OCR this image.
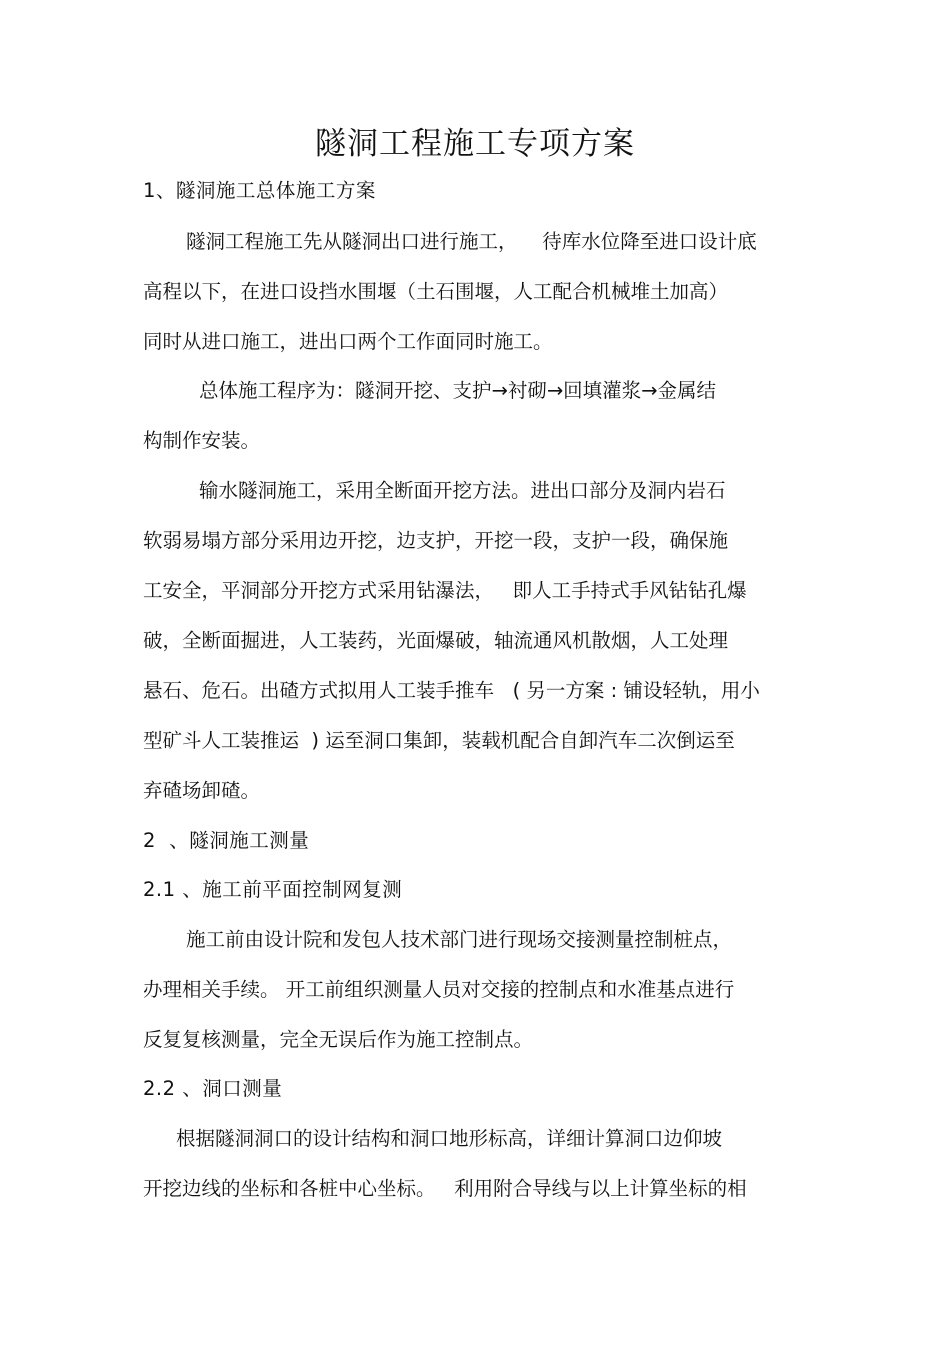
隧洞工程施工专项方案
1、隧洞施工总体施工方案
隧洞工程施工先从隧洞出口进行施工，    待库水位降至进口设计底
高程以下，在进口设挡水围堰（土石围堰，人工配合机械堆土加高）
同时从进口施工，进出口两个工作面同时施工。
总体施工程序为：隧洞开挖、支护→衬砌→回填灌浆→金属结
构制作安装。
输水隧洞施工，采用全断面开挖方法。进出口部分及洞内岩石
软弱易塌方部分采用边开挖，边支护，开挖一段，支护一段，确保施
工安全，平洞部分开挖方式采用钻瀑法，   即人工手持式手风钻钻孔爆
破，全断面掘进，人工装药，光面爆破，轴流通风机散烟，人工处理
悬石、危石。出碴方式拟用人工装手推车   ( 另一方案 : 铺设轻轨，用小
型矿斗人工装推运  ) 运至洞口集卸，装载机配合自卸汽车二次倒运至
弃碴场卸碴。
2  、隧洞施工测量
2.1 、施工前平面控制网复测
施工前由设计院和发包人技术部门进行现场交接测量控制桩点，
办理相关手续。 开工前组织测量人员对交接的控制点和水准基点进行
反复复核测量，完全无误后作为施工控制点。
2.2 、洞口测量
根据隧洞洞口的设计结构和洞口地形标高，详细计算洞口边仰坡
开挖边线的坐标和各桩中心坐标。   利用附合导线与以上计算坐标的相
